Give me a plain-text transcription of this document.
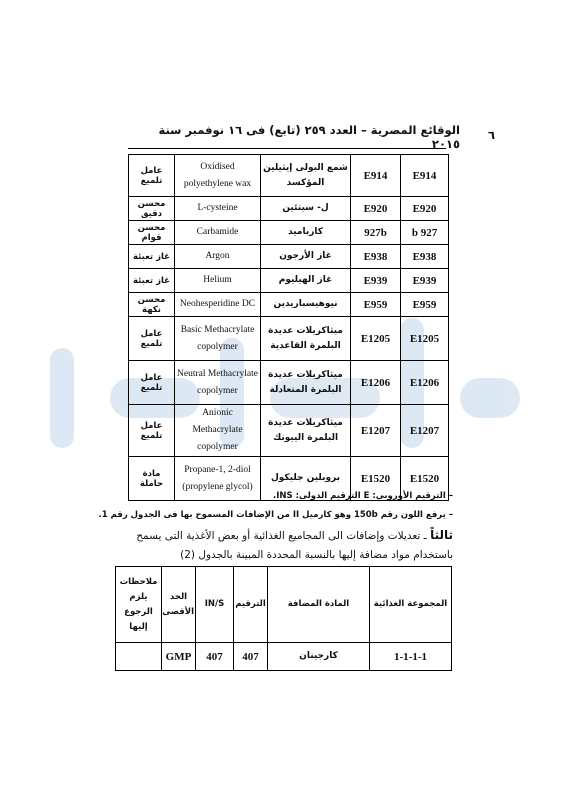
الوقائع المصرية – العدد ٢٥٩ (تابع) فى ١٦ نوفمبر سنة ٢٠١٥
٦
E914	E914	شمع البولى إيثيلين المؤكسد	Oxidised polyethylene wax	عامل تلميع
E920	E920	ل- سيتئين	L-cysteine	محسن دقيق
927 b	927b	كارباميد	Carbamide	محسن قوام
E938	E938	غاز الأرجون	Argon	غاز تعبئة
E939	E939	غاز الهيليوم	Helium	غاز تعبئة
E959	E959	نيوهيسباريدين	Neohesperidine DC	محسن نكهة
E1205	E1205	ميثاكريلات عديدة البلمرة القاعدية	Basic Methacrylate copolymer	عامل تلميع
E1206	E1206	ميثاكريلات عديدة البلمرة المتعادلة	Neutral Methacrylate copolymer	عامل تلميع
E1207	E1207	ميثاكريلات عديدة البلمرة الييونك	Anionic Methacrylate copolymer	عامل تلميع
E1520	E1520	بروبلين جليكول	Propane-1, 2-diol (propylene glycol)	مادة حاملة
– الترقيم الأوروبى: E الترقيم الدولى: INS.
– يرفع اللون رقم 150b وهو كارميل II من الإضافات المسموح بها فى الجدول رقم 1.
ثالثاً ـ تعديلات وإضافات الى المجاميع الغذائية أو بعض الأغذية التى يسمح
باستخدام مواد مضافة إليها بالنسبة المحددة المبينة بالجدول (2)
المجموعة الغذائية	المادة المضافة	الترقيم	IN/S	الحد الأقصى	ملاحظات يلزم الرجوع إليها
1-1-1-1	كارجينان	407	407	GMP	
